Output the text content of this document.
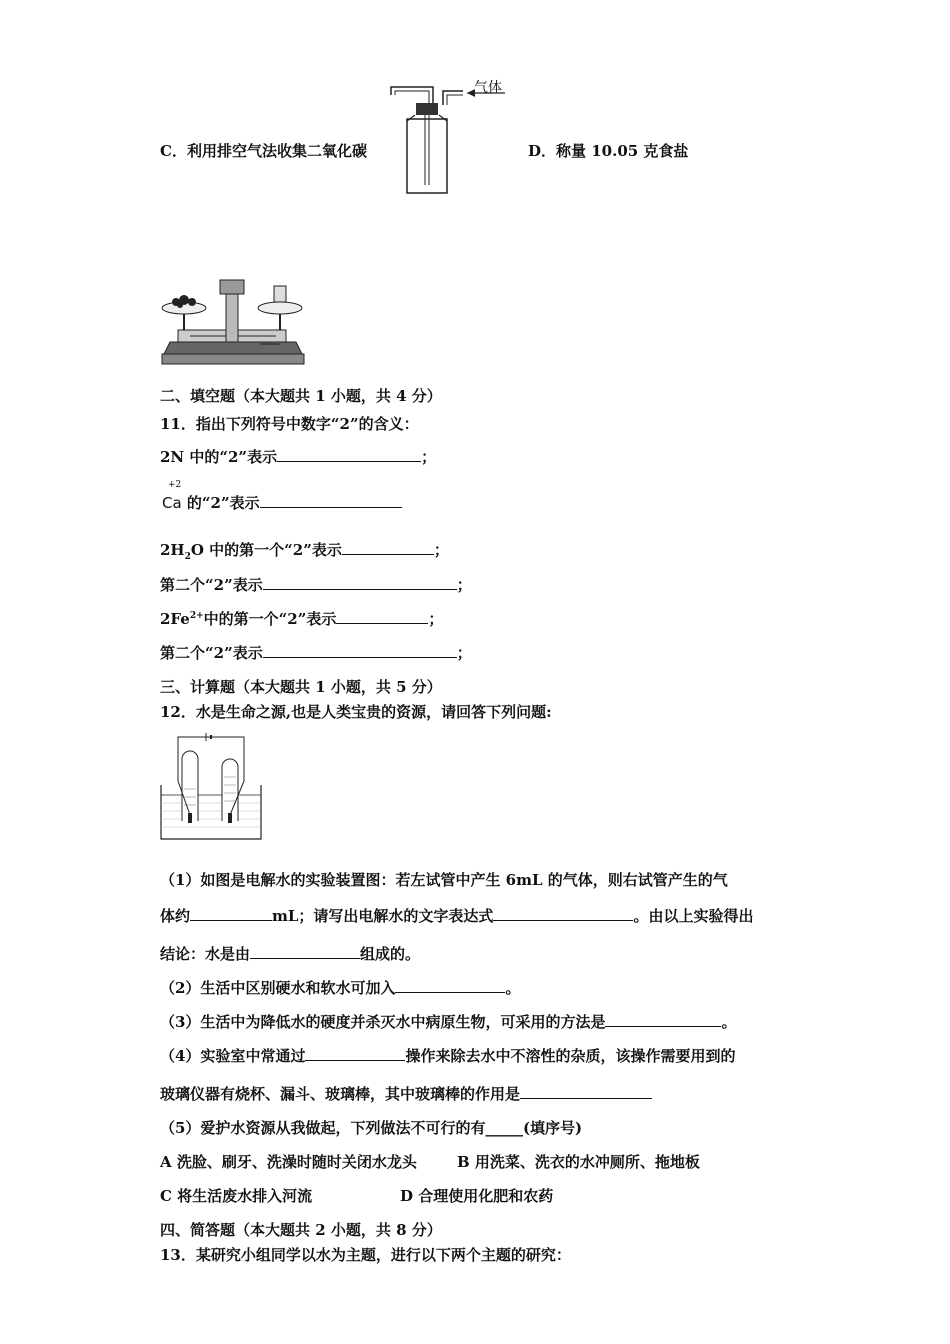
气体
C．利用排空气法收集二氧化碳	D．称量 10.05 克食盐
二、填空题（本大题共 1 小题，共 4 分）
11．指出下列符号中数字“2”的含义：
2N 中的“2”表示	；
+2
Ca 的“2”表示
$2H_2O$ 中的第一个“2”表示	；
第二个“2”表示	；
$2Fe^{2+}$中的第一个“2”表示	；
第二个“2”表示	；
三、计算题（本大题共 1 小题，共 5 分）
12．水是生命之源,也是人类宝贵的资源，请回答下列问题:
（1）如图是电解水的实验装置图：若左试管中产生 6mL 的气体，则右试管产生的气
体约	mL；请写出电解水的文字表达式	。由以上实验得出
结论：水是由	组成的。
（2）生活中区别硬水和软水可加入	。
（3）生活中为降低水的硬度并杀灭水中病原生物，可采用的方法是	。
（4）实验室中常通过	操作来除去水中不溶性的杂质，该操作需要用到的
玻璃仪器有烧杯、漏斗、玻璃棒，其中玻璃棒的作用是
（5）爱护水资源从我做起，下列做法不可行的有_____(填序号)
A 洗脸、刷牙、洗澡时随时关闭水龙头	B 用洗菜、洗衣的水冲厕所、拖地板
C 将生活废水排入河流	D 合理使用化肥和农药
四、简答题（本大题共 2 小题，共 8 分）
13．某研究小组同学以水为主题，进行以下两个主题的研究：
